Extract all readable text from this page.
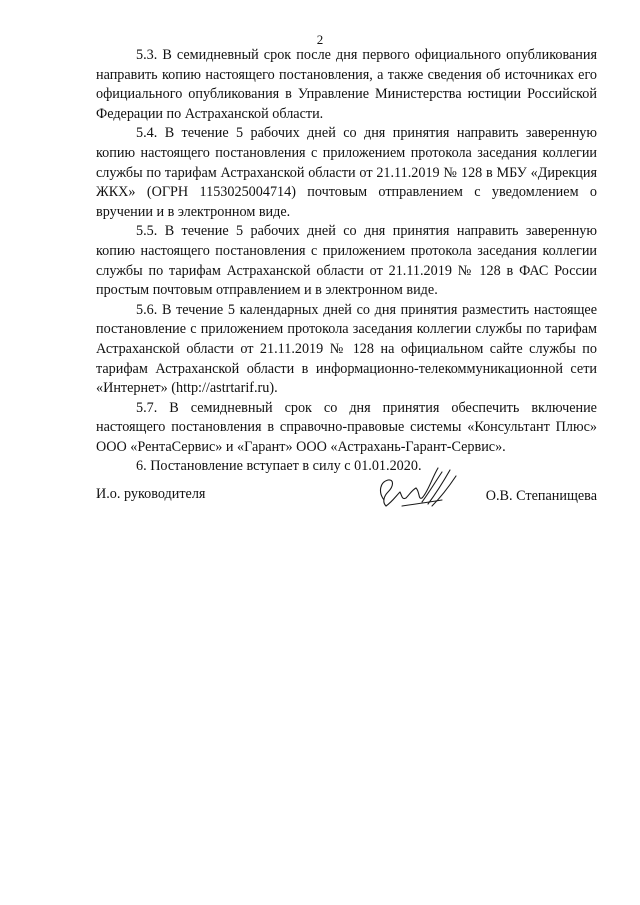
2

5.3. В семидневный срок после дня первого официального опубликования направить копию настоящего постановления, а также сведения об источниках его официального опубликования в Управление Министерства юстиции Российской Федерации по Астраханской области.

5.4. В течение 5 рабочих дней со дня принятия направить заверенную копию настоящего постановления с приложением протокола заседания коллегии службы по тарифам Астраханской области от 21.11.2019 № 128 в МБУ «Дирекция ЖКХ» (ОГРН 1153025004714) почтовым отправлением с уведомлением о вручении и в электронном виде.

5.5. В течение 5 рабочих дней со дня принятия направить заверенную копию настоящего постановления с приложением протокола заседания коллегии службы по тарифам Астраханской области от 21.11.2019 № 128 в ФАС России простым почтовым отправлением и в электронном виде.

5.6. В течение 5 календарных дней со дня принятия разместить настоящее постановление с приложением протокола заседания коллегии службы по тарифам Астраханской области от 21.11.2019 № 128 на официальном сайте службы по тарифам Астраханской области в информационно-телекоммуникационной сети «Интернет» (http://astrtarif.ru).

5.7. В семидневный срок со дня принятия обеспечить включение настоящего постановления в справочно-правовые системы «Консультант Плюс» ООО «РентаСервис» и «Гарант» ООО «Астрахань-Гарант-Сервис».

6. Постановление вступает в силу с 01.01.2020.

И.о. руководителя	О.В. Степанищева
